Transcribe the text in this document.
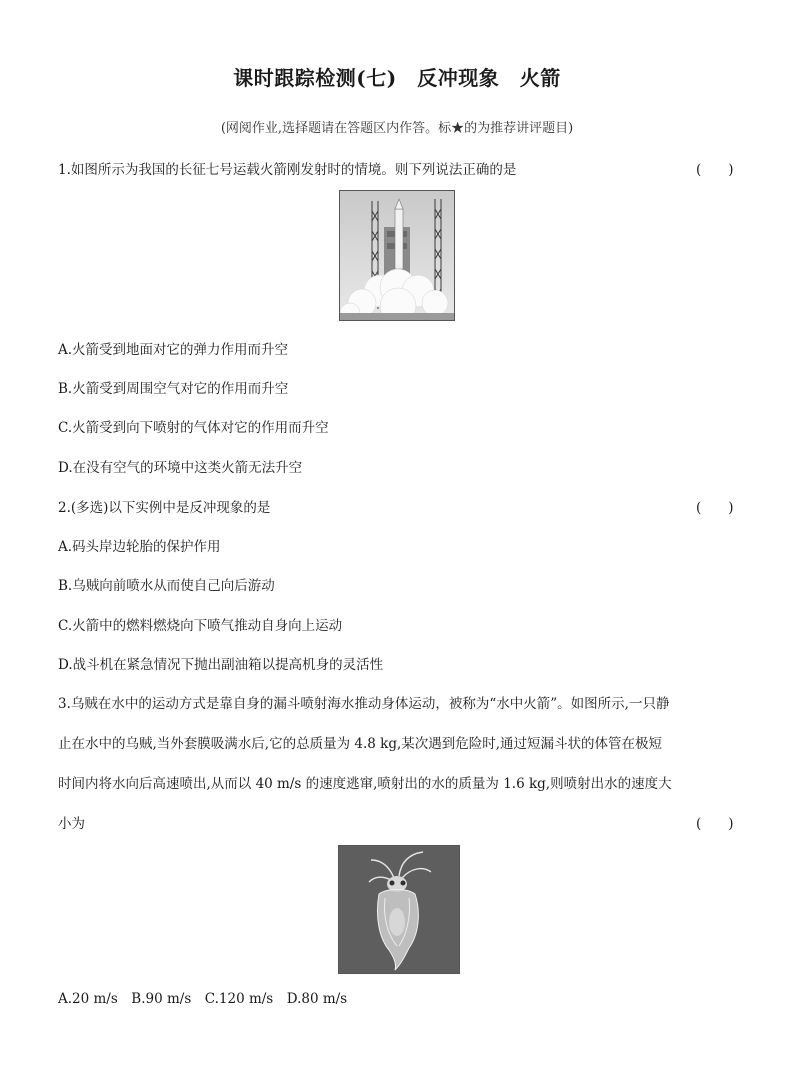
课时跟踪检测(七)　反冲现象　火箭
(网阅作业,选择题请在答题区内作答。标★的为推荐讲评题目)
1.如图所示为我国的长征七号运载火箭刚发射时的情境。则下列说法正确的是	(　　)
A.火箭受到地面对它的弹力作用而升空
B.火箭受到周围空气对它的作用而升空
C.火箭受到向下喷射的气体对它的作用而升空
D.在没有空气的环境中这类火箭无法升空
2.(多选)以下实例中是反冲现象的是	(　　)
A.码头岸边轮胎的保护作用
B.乌贼向前喷水从而使自己向后游动
C.火箭中的燃料燃烧向下喷气推动自身向上运动
D.战斗机在紧急情况下抛出副油箱以提高机身的灵活性
3.乌贼在水中的运动方式是靠自身的漏斗喷射海水推动身体运动，被称为“水中火箭”。如图所示,一只静
止在水中的乌贼,当外套膜吸满水后,它的总质量为 4.8 kg,某次遇到危险时,通过短漏斗状的体管在极短
时间内将水向后高速喷出,从而以 40 m/s 的速度逃窜,喷射出的水的质量为 1.6 kg,则喷射出水的速度大
小为	(　　)
A.20 m/s　B.90 m/s　C.120 m/s　D.80 m/s
